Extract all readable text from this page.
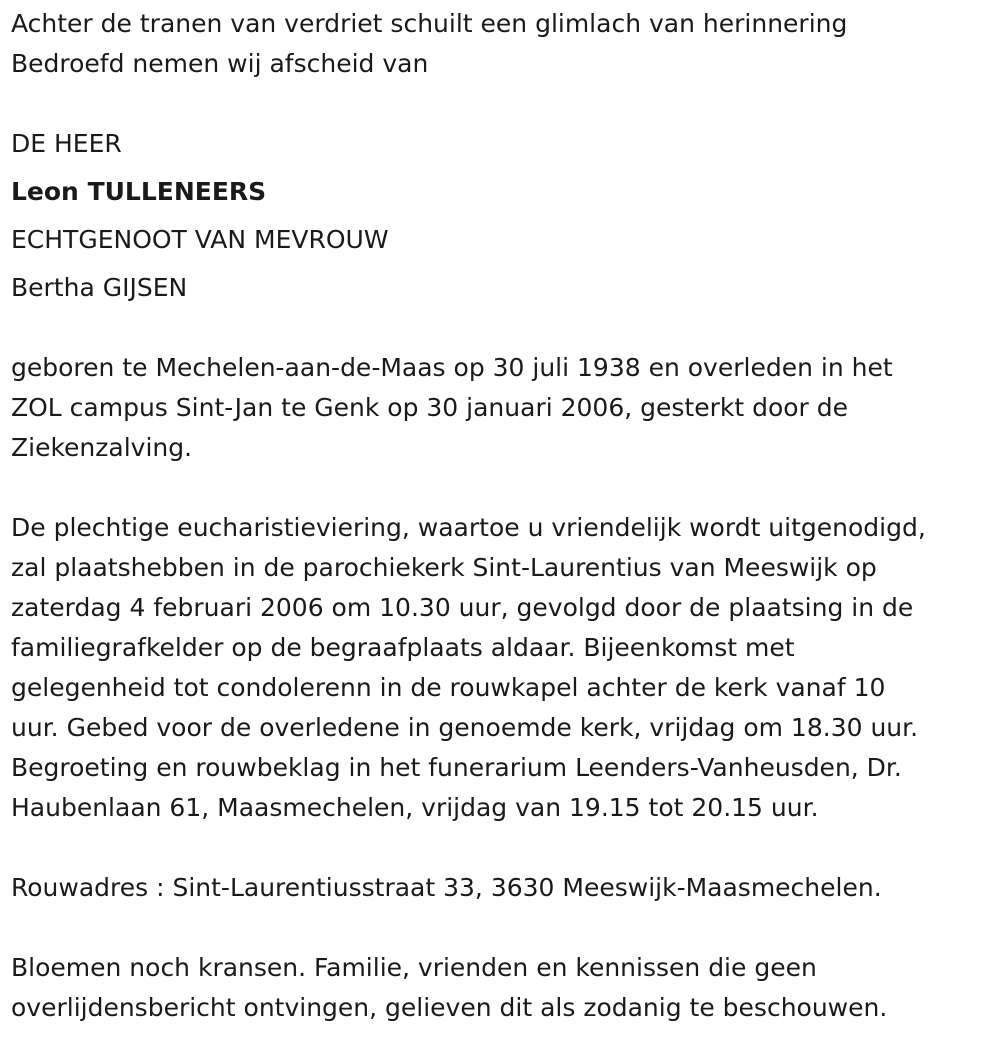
Achter de tranen van verdriet schuilt een glimlach van herinnering
Bedroefd nemen wij afscheid van
DE HEER
Leon TULLENEERS
ECHTGENOOT VAN MEVROUW
Bertha GIJSEN
geboren te Mechelen-aan-de-Maas op 30 juli 1938 en overleden in het
ZOL campus Sint-Jan te Genk op 30 januari 2006, gesterkt door de
Ziekenzalving.
De plechtige eucharistieviering, waartoe u vriendelijk wordt uitgenodigd,
zal plaatshebben in de parochiekerk Sint-Laurentius van Meeswijk op
zaterdag 4 februari 2006 om 10.30 uur, gevolgd door de plaatsing in de
familiegrafkelder op de begraafplaats aldaar. Bijeenkomst met
gelegenheid tot condolerenn in de rouwkapel achter de kerk vanaf 10
uur. Gebed voor de overledene in genoemde kerk, vrijdag om 18.30 uur.
Begroeting en rouwbeklag in het funerarium Leenders-Vanheusden, Dr.
Haubenlaan 61, Maasmechelen, vrijdag van 19.15 tot 20.15 uur.
Rouwadres : Sint-Laurentiusstraat 33, 3630 Meeswijk-Maasmechelen.
Bloemen noch kransen. Familie, vrienden en kennissen die geen
overlijdensbericht ontvingen, gelieven dit als zodanig te beschouwen.
